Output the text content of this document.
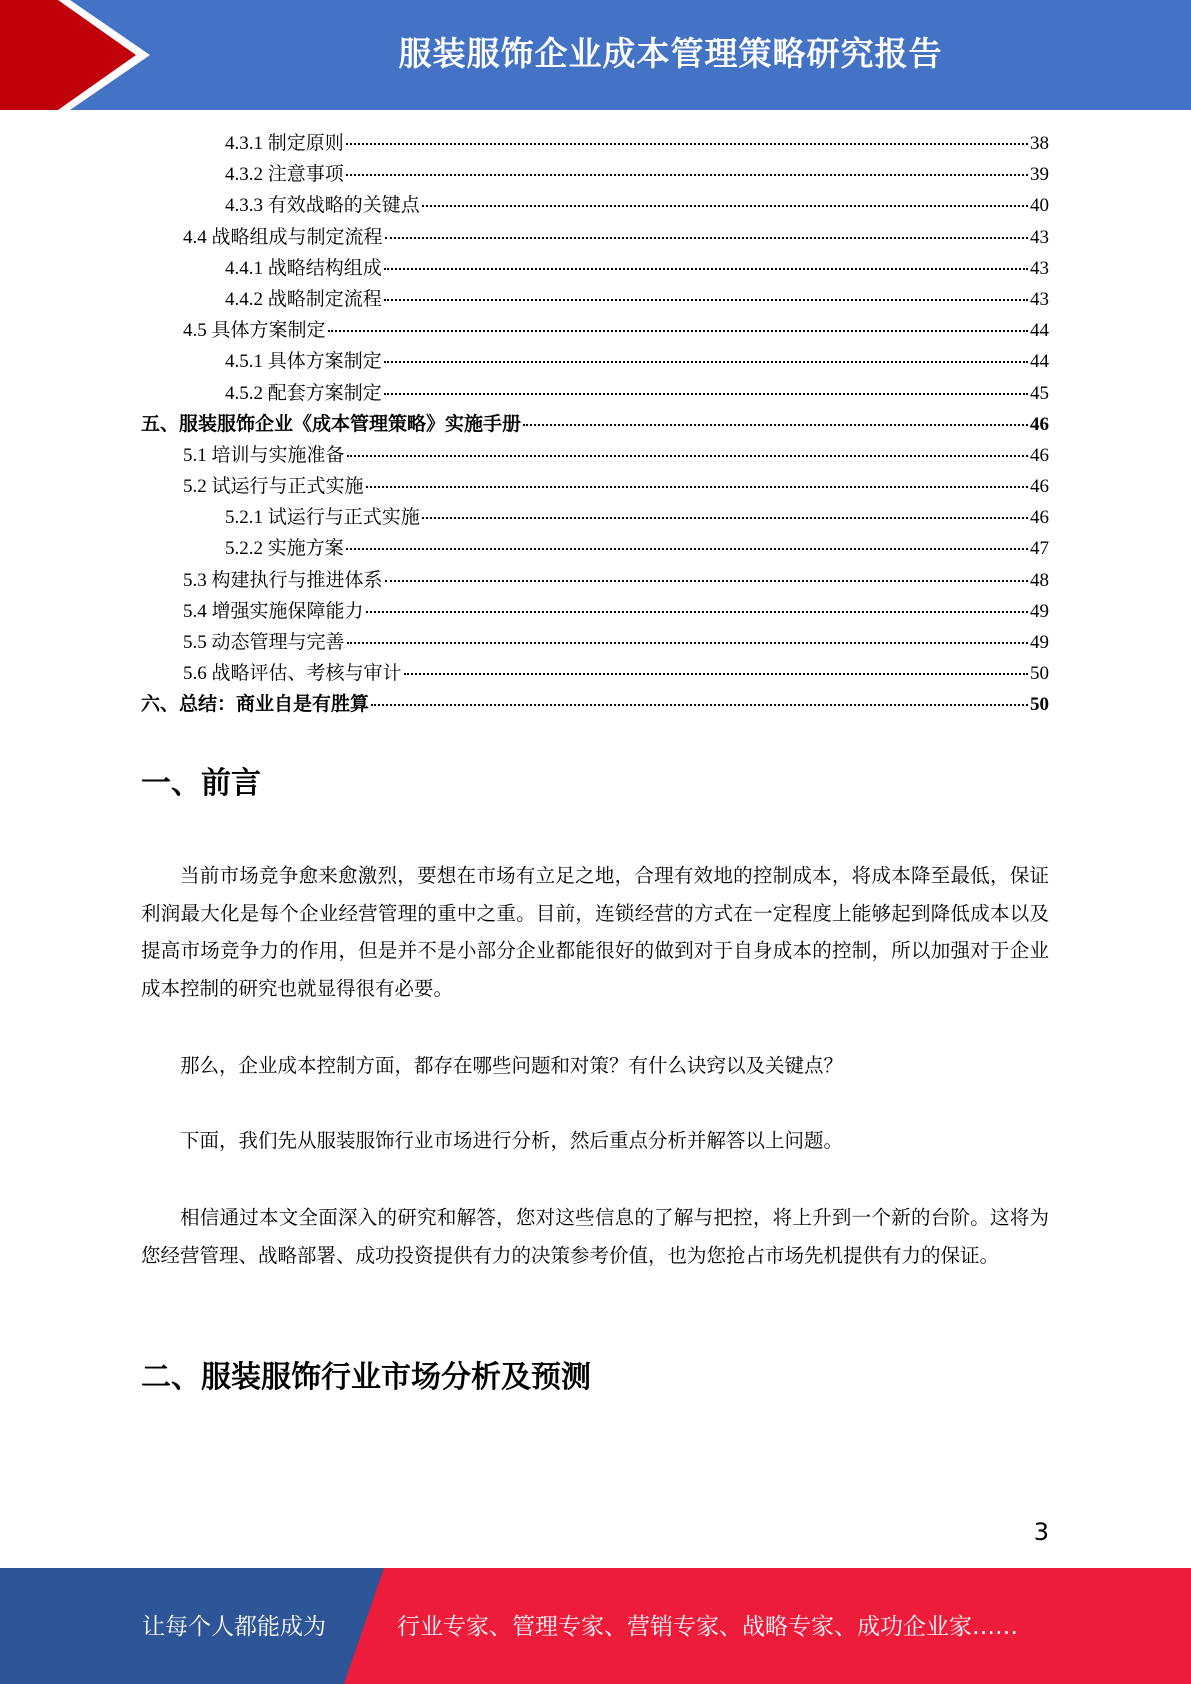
服装服饰企业成本管理策略研究报告
4.3.1 制定原则	38
4.3.2 注意事项	39
4.3.3 有效战略的关键点	40
4.4 战略组成与制定流程	43
4.4.1 战略结构组成	43
4.4.2 战略制定流程	43
4.5 具体方案制定	44
4.5.1 具体方案制定	44
4.5.2 配套方案制定	45
五、服装服饰企业《成本管理策略》实施手册	46
5.1 培训与实施准备	46
5.2 试运行与正式实施	46
5.2.1 试运行与正式实施	46
5.2.2 实施方案	47
5.3 构建执行与推进体系	48
5.4 增强实施保障能力	49
5.5 动态管理与完善	49
5.6 战略评估、考核与审计	50
六、总结：商业自是有胜算	50
一、前言

当前市场竞争愈来愈激烈，要想在市场有立足之地，合理有效地的控制成本，将成本降至最低，保证利润最大化是每个企业经营管理的重中之重。目前，连锁经营的方式在一定程度上能够起到降低成本以及提高市场竞争力的作用，但是并不是小部分企业都能很好的做到对于自身成本的控制，所以加强对于企业成本控制的研究也就显得很有必要。

那么，企业成本控制方面，都存在哪些问题和对策？有什么诀窍以及关键点？

下面，我们先从服装服饰行业市场进行分析，然后重点分析并解答以上问题。

相信通过本文全面深入的研究和解答，您对这些信息的了解与把控，将上升到一个新的台阶。这将为您经营管理、战略部署、成功投资提供有力的决策参考价值，也为您抢占市场先机提供有力的保证。

二、服装服饰行业市场分析及预测
3
让每个人都能成为	行业专家、管理专家、营销专家、战略专家、成功企业家……
